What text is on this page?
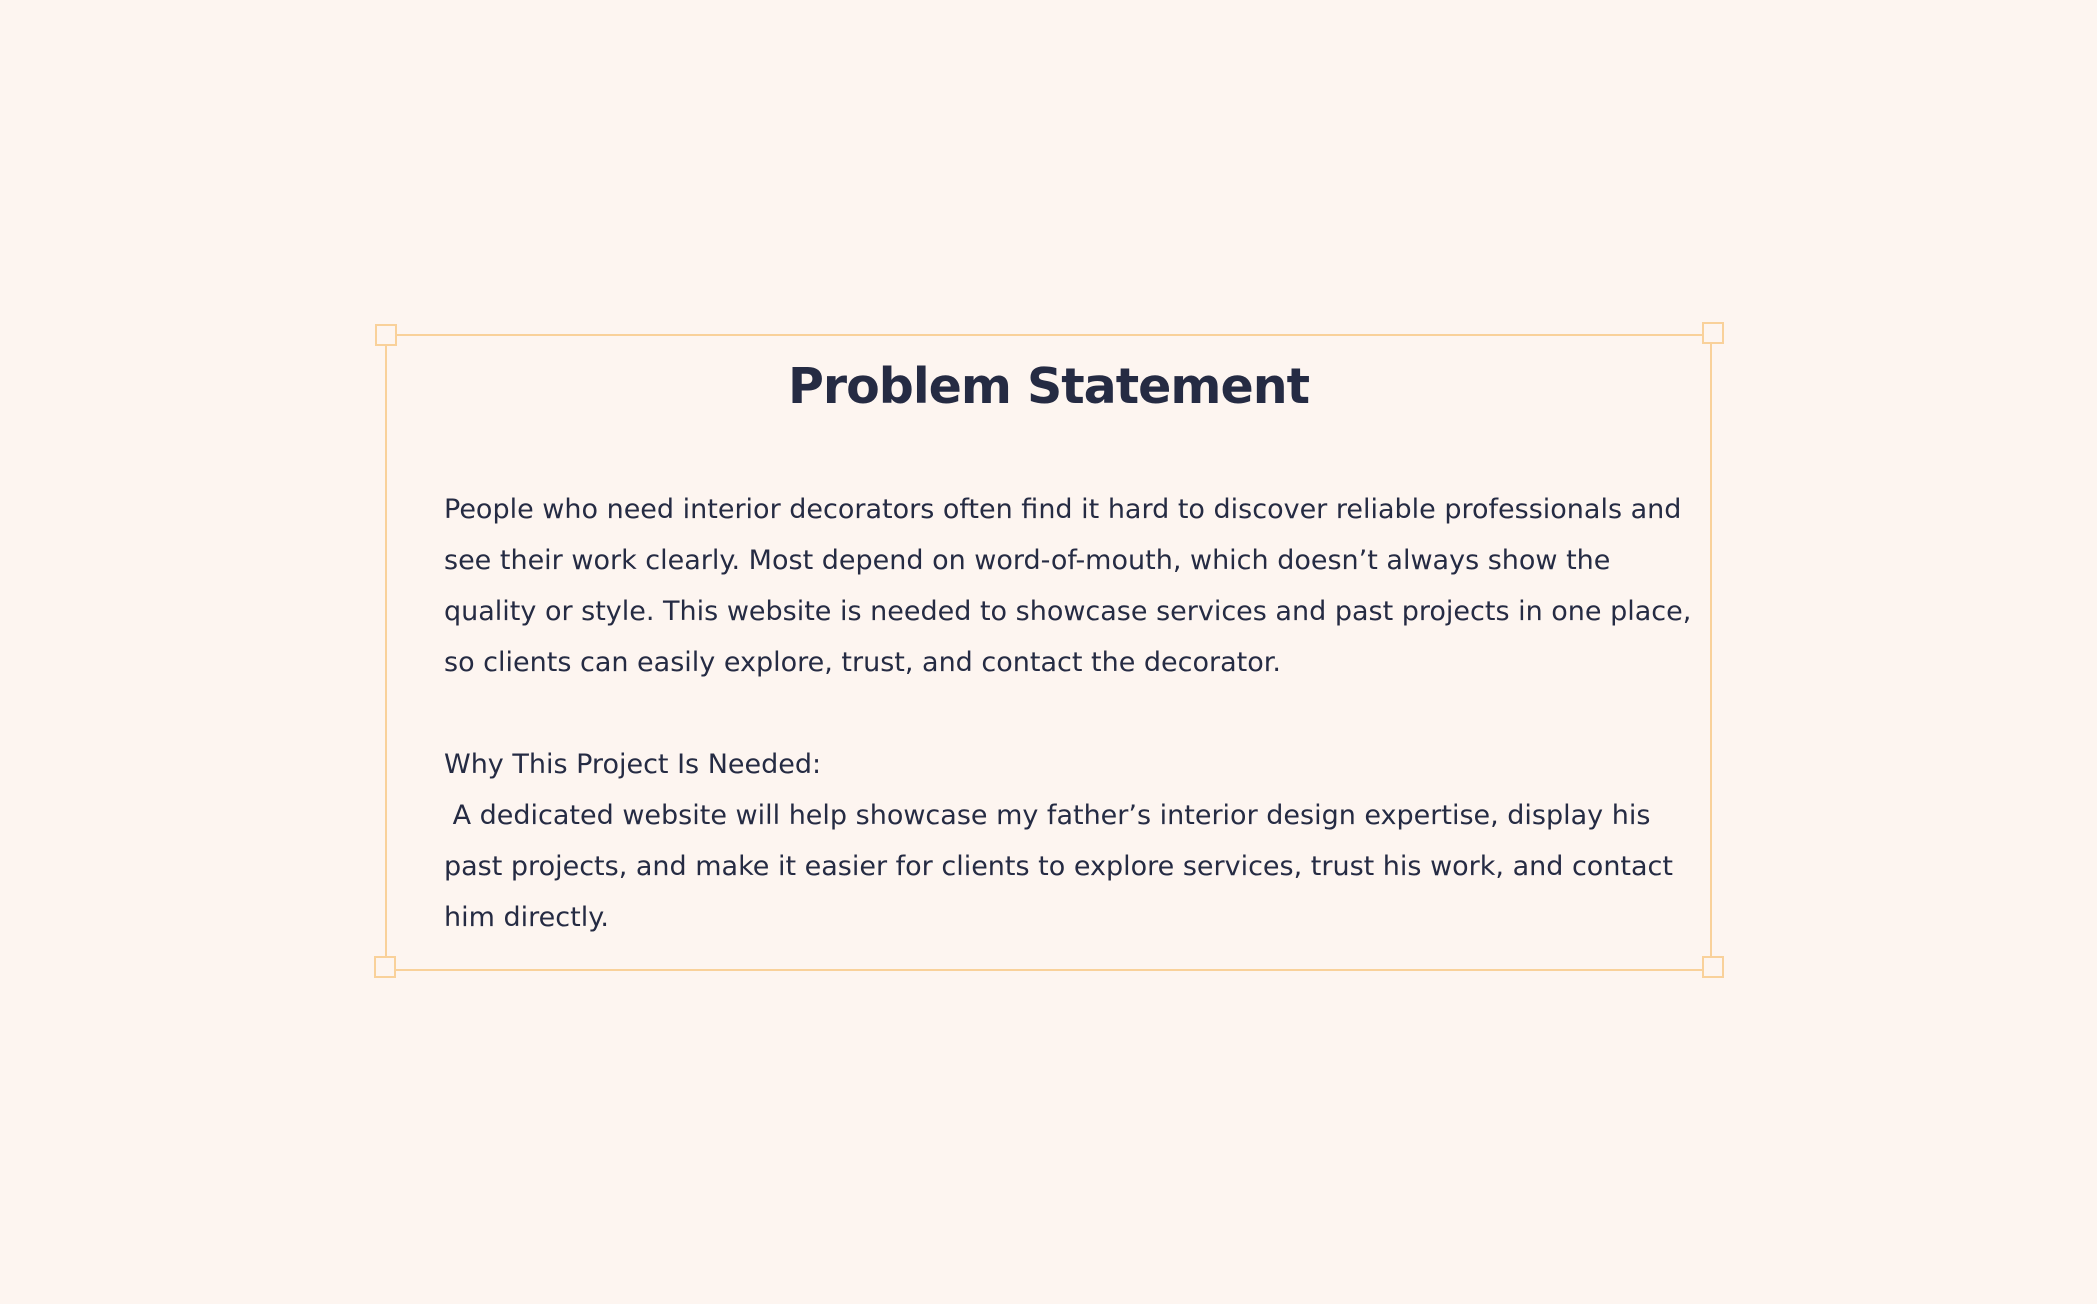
Problem Statement

People who need interior decorators often find it hard to discover reliable professionals and see their work clearly. Most depend on word-of-mouth, which doesn’t always show the quality or style. This website is needed to showcase services and past projects in one place, so clients can easily explore, trust, and contact the decorator.

Why This Project Is Needed:

A dedicated website will help showcase my father’s interior design expertise, display his past projects, and make it easier for clients to explore services, trust his work, and contact him directly.
